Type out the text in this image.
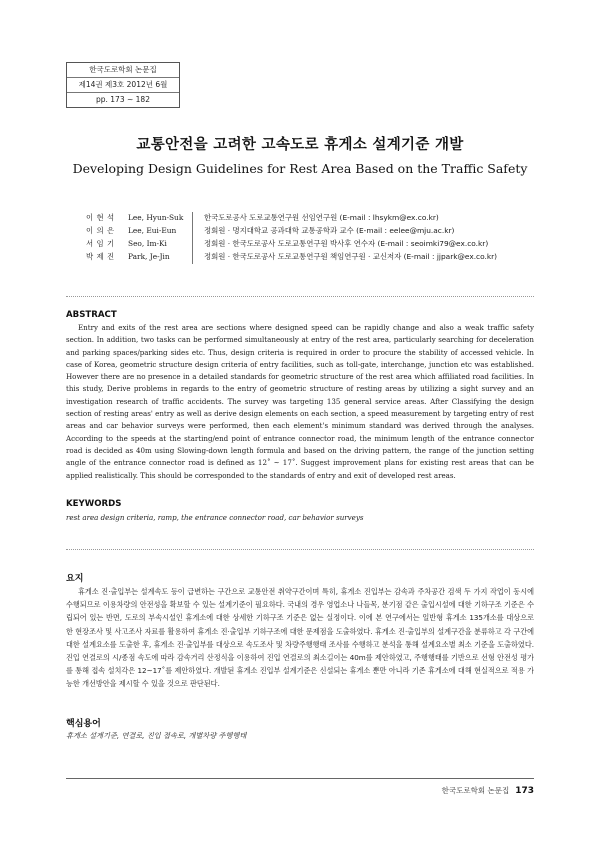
한국도로학회 논문집
제14권 제3호 2012년 6월
pp. 173 ~ 182
교통안전을 고려한 고속도로 휴게소 설계기준 개발
Developing Design Guidelines for Rest Area Based on the Traffic Safety
이 현 석	Lee, Hyun-Suk	한국도로공사 도로교통연구원 선임연구원 (E-mail : lhsykm@ex.co.kr)
이 의 은	Lee, Eui-Eun	정회원 · 명지대학교 공과대학 교통공학과 교수 (E-mail : eelee@mju.ac.kr)
서 임 기	Seo, Im-Ki	정회원 · 한국도로공사 도로교통연구원 박사후 연수자 (E-mail : seoimki79@ex.co.kr)
박 제 진	Park, Je-Jin	정회원 · 한국도로공사 도로교통연구원 책임연구원 · 교신저자 (E-mail : jjpark@ex.co.kr)
ABSTRACT
Entry and exits of the rest area are sections where designed speed can be rapidly change and also a weak traffic safety section. In addition, two tasks can be performed simultaneously at entry of the rest area, particularly searching for deceleration and parking spaces/parking sides etc. Thus, design criteria is required in order to procure the stability of accessed vehicle. In case of Korea, geometric structure design criteria of entry facilities, such as toll-gate, interchange, junction etc was established. However there are no presence in a detailed standards for geometric structure of the rest area which affiliated road facilities. In this study, Derive problems in regards to the entry of geometric structure of resting areas by utilizing a sight survey and an investigation research of traffic accidents. The survey was targeting 135 general service areas. After Classifying the design section of resting areas' entry as well as derive design elements on each section, a speed measurement by targeting entry of rest areas and car behavior surveys were performed, then each element's minimum standard was derived through the analyses. According to the speeds at the starting/end point of entrance connector road, the minimum length of the entrance connector road is decided as 40m using Slowing-down length formula and based on the driving pattern, the range of the junction setting angle of the entrance connector road is defined as 12˚ ~ 17˚. Suggest improvement plans for existing rest areas that can be applied realistically. This should be corresponded to the standards of entry and exit of developed rest areas.
KEYWORDS
rest area design criteria, ramp, the entrance connector road, car behavior surveys
요지
휴게소 진·출입부는 설계속도 등이 급변하는 구간으로 교통안전 취약구간이며 특히, 휴게소 진입부는 감속과 주차공간 검색 두 가지 작업이 동시에 수행되므로 이용차량의 안전성을 확보할 수 있는 설계기준이 필요하다. 국내의 경우 영업소나 나들목, 분기점 같은 출입시설에 대한 기하구조 기준은 수립되어 있는 반면, 도로의 부속시설인 휴게소에 대한 상세한 기하구조 기준은 없는 실정이다. 이에 본 연구에서는 일반형 휴게소 135개소를 대상으로 한 현장조사 및 사고조사 자료를 활용하여 휴게소 진·출입부 기하구조에 대한 문제점을 도출하였다. 휴게소 진·출입부의 설계구간을 분류하고 각 구간에 대한 설계요소를 도출한 후, 휴게소 진·출입부를 대상으로 속도조사 및 차량주행행태 조사를 수행하고 분석을 통해 설계요소별 최소 기준을 도출하였다. 진입 연결로의 시/종점 속도에 따라 감속거리 산정식을 이용하여 진입 연결로의 최소길이는 40m를 제안하였고, 주행행태를 기반으로 선형 안전성 평가를 통해 접속 설치각은 12~17˚를 제안하였다. 개발된 휴게소 진입부 설계기준은 신설되는 휴게소 뿐만 아니라 기존 휴게소에 대해 현실적으로 적용 가능한 개선방안을 제시할 수 있을 것으로 판단된다.
핵심용어
휴게소 설계기준, 연결로, 진입 접속로, 개별차량 주행행태
한국도로학회 논문집 173
